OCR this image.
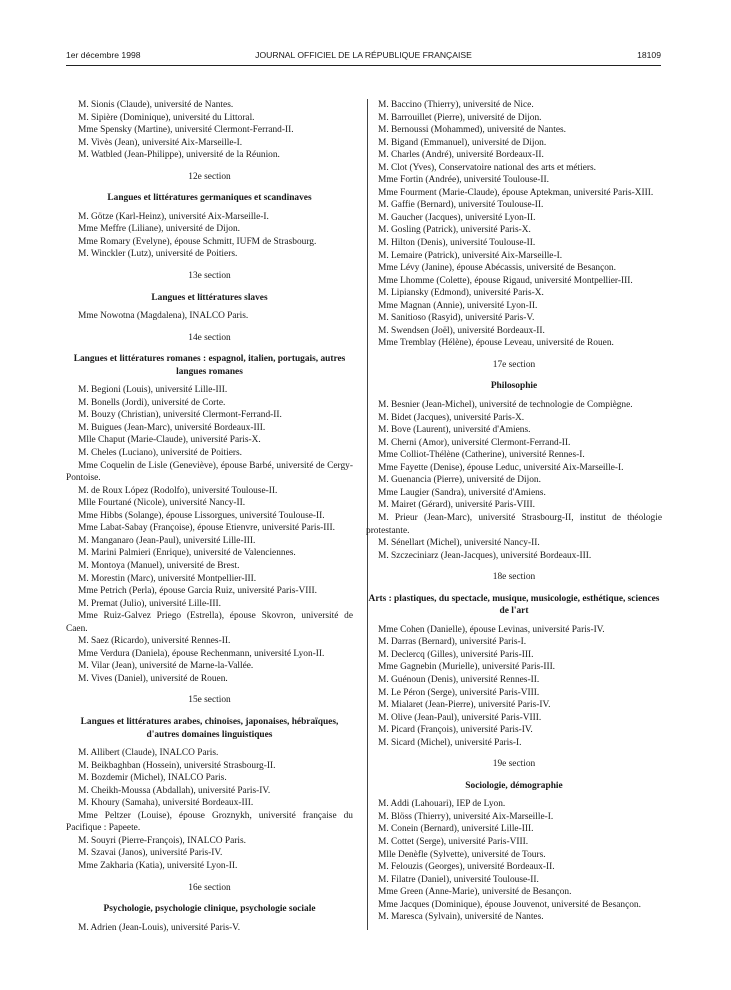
1er décembre 1998	JOURNAL OFFICIEL DE LA RÉPUBLIQUE FRANÇAISE	18109

M. Sionis (Claude), université de Nantes.

M. Sipière (Dominique), université du Littoral.

Mme Spensky (Martine), université Clermont-Ferrand-II.

M. Vivès (Jean), université Aix-Marseille-I.

M. Watbled (Jean-Philippe), université de la Réunion.

12e section

Langues et littératures germaniques et scandinaves

M. Götze (Karl-Heinz), université Aix-Marseille-I.

Mme Meffre (Liliane), université de Dijon.

Mme Romary (Evelyne), épouse Schmitt, IUFM de Strasbourg.

M. Winckler (Lutz), université de Poitiers.

13e section

Langues et littératures slaves

Mme Nowotna (Magdalena), INALCO Paris.

14e section

Langues et littératures romanes : espagnol, italien, portugais, autres langues romanes

M. Begioni (Louis), université Lille-III.

M. Bonells (Jordi), université de Corte.

M. Bouzy (Christian), université Clermont-Ferrand-II.

M. Buigues (Jean-Marc), université Bordeaux-III.

Mlle Chaput (Marie-Claude), université Paris-X.

M. Cheles (Luciano), université de Poitiers.

Mme Coquelin de Lisle (Geneviève), épouse Barbé, université de Cergy-Pontoise.

M. de Roux López (Rodolfo), université Toulouse-II.

Mlle Fourtané (Nicole), université Nancy-II.

Mme Hibbs (Solange), épouse Lissorgues, université Toulouse-II.

Mme Labat-Sabay (Françoise), épouse Etienvre, université Paris-III.

M. Manganaro (Jean-Paul), université Lille-III.

M. Marini Palmieri (Enrique), université de Valenciennes.

M. Montoya (Manuel), université de Brest.

M. Morestin (Marc), université Montpellier-III.

Mme Petrich (Perla), épouse Garcia Ruiz, université Paris-VIII.

M. Premat (Julio), université Lille-III.

Mme Ruiz-Galvez Priego (Estrella), épouse Skovron, université de Caen.

M. Saez (Ricardo), université Rennes-II.

Mme Verdura (Daniela), épouse Rechenmann, université Lyon-II.

M. Vilar (Jean), université de Marne-la-Vallée.

M. Vives (Daniel), université de Rouen.

15e section

Langues et littératures arabes, chinoises, japonaises, hébraïques, d'autres domaines linguistiques

M. Allibert (Claude), INALCO Paris.

M. Beikbaghban (Hossein), université Strasbourg-II.

M. Bozdemir (Michel), INALCO Paris.

M. Cheikh-Moussa (Abdallah), université Paris-IV.

M. Khoury (Samaha), université Bordeaux-III.

Mme Peltzer (Louise), épouse Groznykh, université française du Pacifique : Papeete.

M. Souyri (Pierre-François), INALCO Paris.

M. Szavai (Janos), université Paris-IV.

Mme Zakharia (Katia), université Lyon-II.

16e section

Psychologie, psychologie clinique, psychologie sociale

M. Adrien (Jean-Louis), université Paris-V.

M. Baccino (Thierry), université de Nice.

M. Barrouillet (Pierre), université de Dijon.

M. Bernoussi (Mohammed), université de Nantes.

M. Bigand (Emmanuel), université de Dijon.

M. Charles (André), université Bordeaux-II.

M. Clot (Yves), Conservatoire national des arts et métiers.

Mme Fortin (Andrée), université Toulouse-II.

Mme Fourment (Marie-Claude), épouse Aptekman, université Paris-XIII.

M. Gaffie (Bernard), université Toulouse-II.

M. Gaucher (Jacques), université Lyon-II.

M. Gosling (Patrick), université Paris-X.

M. Hilton (Denis), université Toulouse-II.

M. Lemaire (Patrick), université Aix-Marseille-I.

Mme Lévy (Janine), épouse Abécassis, université de Besançon.

Mme Lhomme (Colette), épouse Rigaud, université Montpellier-III.

M. Lipiansky (Edmond), université Paris-X.

Mme Magnan (Annie), université Lyon-II.

M. Sanitioso (Rasyid), université Paris-V.

M. Swendsen (Joël), université Bordeaux-II.

Mme Tremblay (Hélène), épouse Leveau, université de Rouen.

17e section

Philosophie

M. Besnier (Jean-Michel), université de technologie de Compiègne.

M. Bidet (Jacques), université Paris-X.

M. Bove (Laurent), université d'Amiens.

M. Cherni (Amor), université Clermont-Ferrand-II.

Mme Colliot-Thélène (Catherine), université Rennes-I.

Mme Fayette (Denise), épouse Leduc, université Aix-Marseille-I.

M. Guenancia (Pierre), université de Dijon.

Mme Laugier (Sandra), université d'Amiens.

M. Mairet (Gérard), université Paris-VIII.

M. Prieur (Jean-Marc), université Strasbourg-II, institut de théologie protestante.

M. Sénellart (Michel), université Nancy-II.

M. Szczeciniarz (Jean-Jacques), université Bordeaux-III.

18e section

Arts : plastiques, du spectacle, musique, musicologie, esthétique, sciences de l'art

Mme Cohen (Danielle), épouse Levinas, université Paris-IV.

M. Darras (Bernard), université Paris-I.

M. Declercq (Gilles), université Paris-III.

Mme Gagnebin (Murielle), université Paris-III.

M. Guénoun (Denis), université Rennes-II.

M. Le Péron (Serge), université Paris-VIII.

M. Mialaret (Jean-Pierre), université Paris-IV.

M. Olive (Jean-Paul), université Paris-VIII.

M. Picard (François), université Paris-IV.

M. Sicard (Michel), université Paris-I.

19e section

Sociologie, démographie

M. Addi (Lahouari), IEP de Lyon.

M. Blöss (Thierry), université Aix-Marseille-I.

M. Conein (Bernard), université Lille-III.

M. Cottet (Serge), université Paris-VIII.

Mlle Denèfle (Sylvette), université de Tours.

M. Felouzis (Georges), université Bordeaux-II.

M. Filatre (Daniel), université Toulouse-II.

Mme Green (Anne-Marie), université de Besançon.

Mme Jacques (Dominique), épouse Jouvenot, université de Besançon.

M. Maresca (Sylvain), université de Nantes.
